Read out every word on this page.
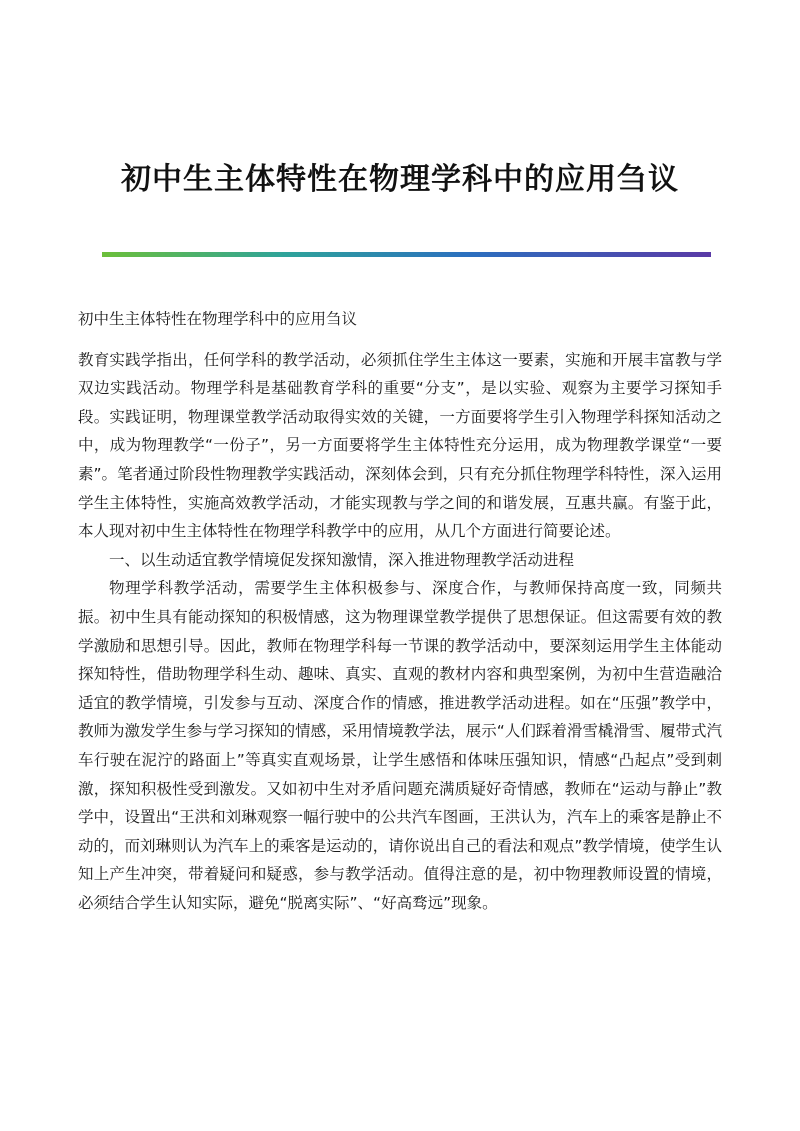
初中生主体特性在物理学科中的应用刍议

初中生主体特性在物理学科中的应用刍议

教育实践学指出，任何学科的教学活动，必须抓住学生主体这一要素，实施和开展丰富教与学双边实践活动。物理学科是基础教育学科的重要“分支”，是以实验、观察为主要学习探知手段。实践证明，物理课堂教学活动取得实效的关键，一方面要将学生引入物理学科探知活动之中，成为物理教学“一份子”，另一方面要将学生主体特性充分运用，成为物理教学课堂“一要素”。笔者通过阶段性物理教学实践活动，深刻体会到，只有充分抓住物理学科特性，深入运用学生主体特性，实施高效教学活动，才能实现教与学之间的和谐发展，互惠共赢。有鉴于此，本人现对初中生主体特性在物理学科教学中的应用，从几个方面进行简要论述。

一、以生动适宜教学情境促发探知激情，深入推进物理教学活动进程

物理学科教学活动，需要学生主体积极参与、深度合作，与教师保持高度一致，同频共振。初中生具有能动探知的积极情感，这为物理课堂教学提供了思想保证。但这需要有效的教学激励和思想引导。因此，教师在物理学科每一节课的教学活动中，要深刻运用学生主体能动探知特性，借助物理学科生动、趣味、真实、直观的教材内容和典型案例，为初中生营造融洽适宜的教学情境，引发参与互动、深度合作的情感，推进教学活动进程。如在“压强”教学中，教师为激发学生参与学习探知的情感，采用情境教学法，展示“人们踩着滑雪橇滑雪、履带式汽车行驶在泥泞的路面上”等真实直观场景，让学生感悟和体味压强知识，情感“凸起点”受到刺激，探知积极性受到激发。又如初中生对矛盾问题充满质疑好奇情感，教师在“运动与静止”教学中，设置出“王洪和刘琳观察一幅行驶中的公共汽车图画，王洪认为，汽车上的乘客是静止不动的，而刘琳则认为汽车上的乘客是运动的，请你说出自己的看法和观点”教学情境，使学生认知上产生冲突，带着疑问和疑惑，参与教学活动。值得注意的是，初中物理教师设置的情境，必须结合学生认知实际，避免“脱离实际”、“好高骛远”现象。
